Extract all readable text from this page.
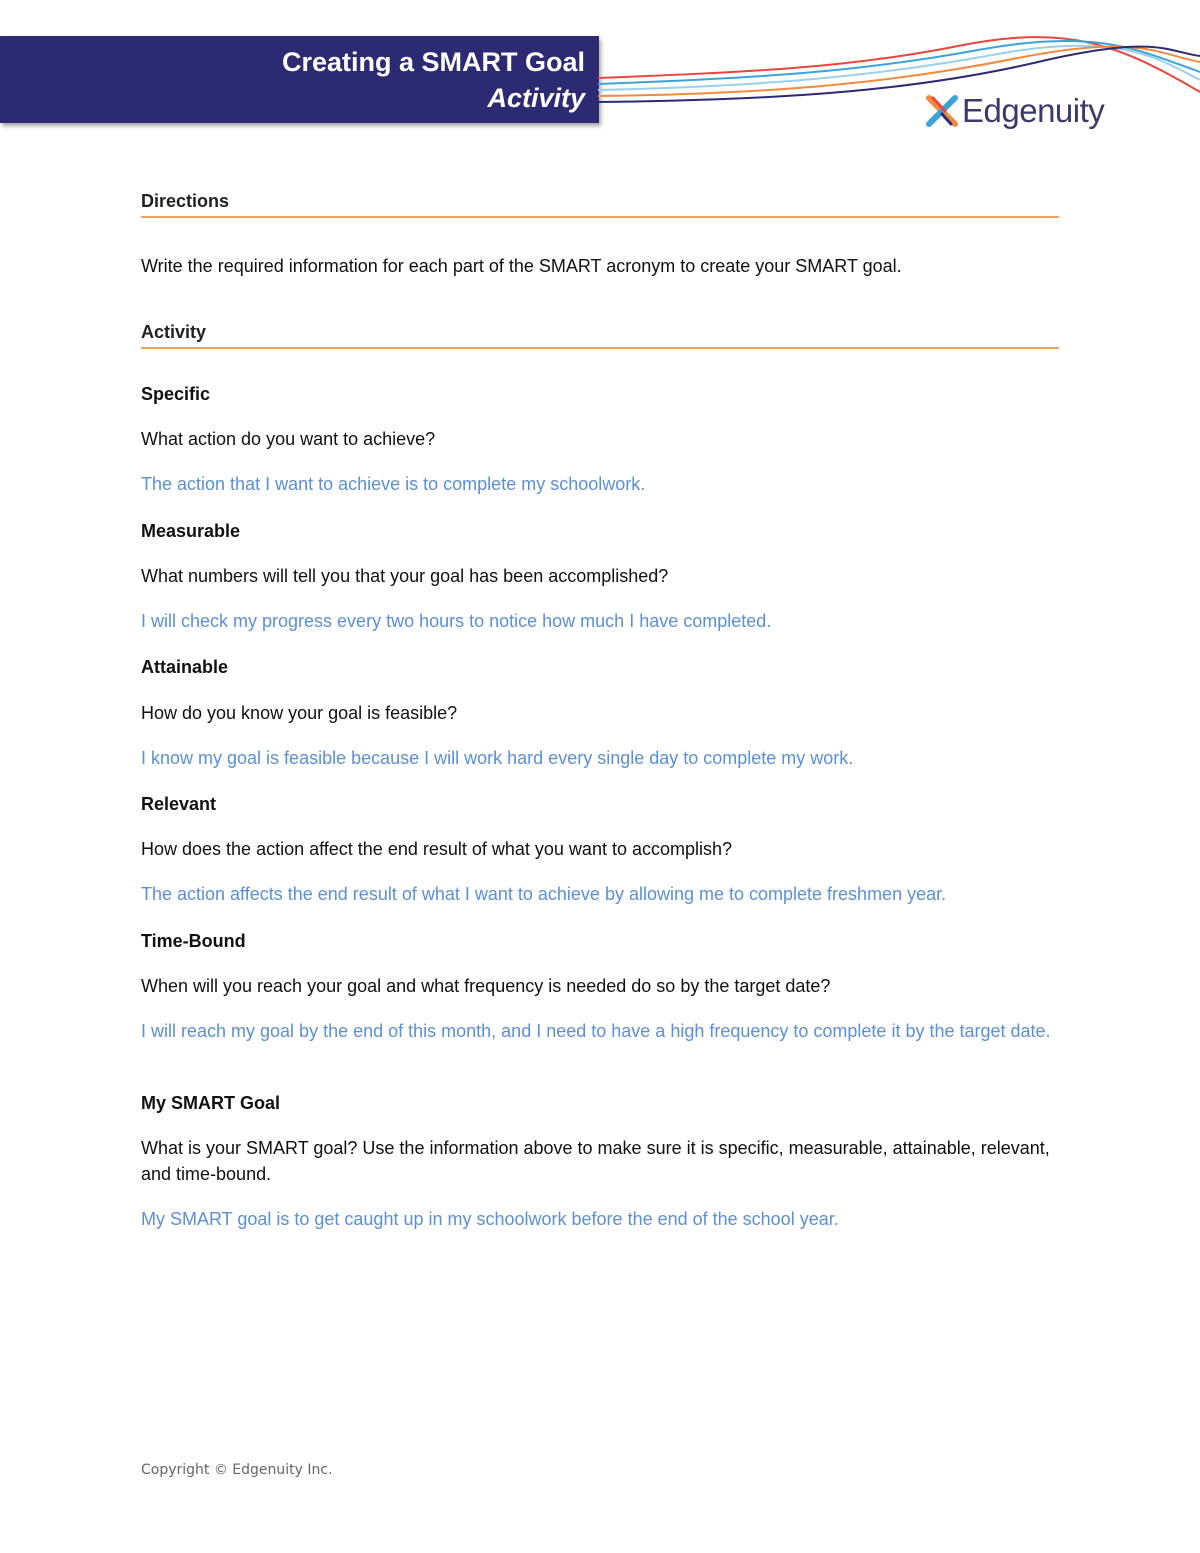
Creating a SMART Goal
Activity	Edgenuity
Directions
Write the required information for each part of the SMART acronym to create your SMART goal.
Activity
Specific
What action do you want to achieve?
The action that I want to achieve is to complete my schoolwork.
Measurable
What numbers will tell you that your goal has been accomplished?
I will check my progress every two hours to notice how much I have completed.
Attainable
How do you know your goal is feasible?
I know my goal is feasible because I will work hard every single day to complete my work.
Relevant
How does the action affect the end result of what you want to accomplish?
The action affects the end result of what I want to achieve by allowing me to complete freshmen year.
Time-Bound
When will you reach your goal and what frequency is needed do so by the target date?
I will reach my goal by the end of this month, and I need to have a high frequency to complete it by the target date.
My SMART Goal
What is your SMART goal? Use the information above to make sure it is specific, measurable, attainable, relevant, and time-bound.
My SMART goal is to get caught up in my schoolwork before the end of the school year.
Copyright © Edgenuity Inc.
